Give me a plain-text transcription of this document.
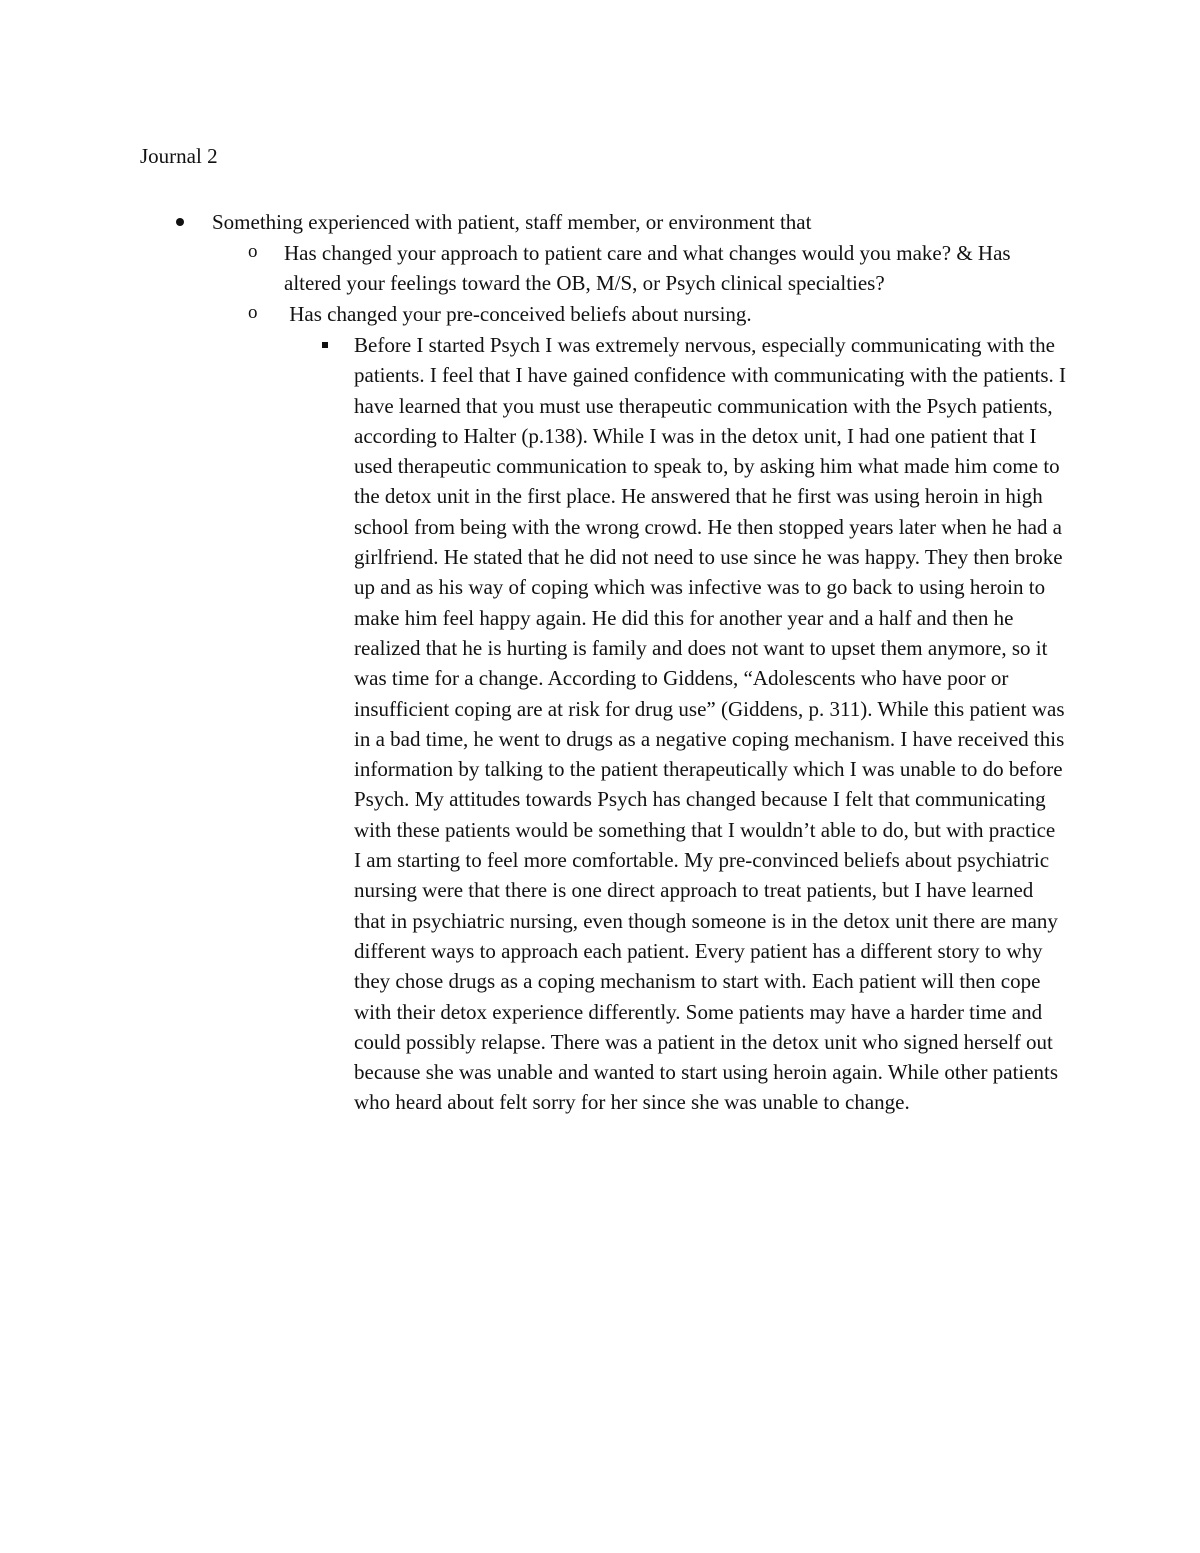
Journal 2
Something experienced with patient, staff member, or environment that
o Has changed your approach to patient care and what changes would you make? & Has altered your feelings toward the OB, M/S, or Psych clinical specialties?
o Has changed your pre-conceived beliefs about nursing.
Before I started Psych I was extremely nervous, especially communicating with the patients. I feel that I have gained confidence with communicating with the patients. I have learned that you must use therapeutic communication with the Psych patients, according to Halter (p.138). While I was in the detox unit, I had one patient that I used therapeutic communication to speak to, by asking him what made him come to the detox unit in the first place. He answered that he first was using heroin in high school from being with the wrong crowd. He then stopped years later when he had a girlfriend. He stated that he did not need to use since he was happy. They then broke up and as his way of coping which was infective was to go back to using heroin to make him feel happy again. He did this for another year and a half and then he realized that he is hurting is family and does not want to upset them anymore, so it was time for a change. According to Giddens, “Adolescents who have poor or insufficient coping are at risk for drug use” (Giddens, p. 311). While this patient was in a bad time, he went to drugs as a negative coping mechanism. I have received this information by talking to the patient therapeutically which I was unable to do before Psych. My attitudes towards Psych has changed because I felt that communicating with these patients would be something that I wouldn’t able to do, but with practice I am starting to feel more comfortable. My pre-convinced beliefs about psychiatric nursing were that there is one direct approach to treat patients, but I have learned that in psychiatric nursing, even though someone is in the detox unit there are many different ways to approach each patient. Every patient has a different story to why they chose drugs as a coping mechanism to start with. Each patient will then cope with their detox experience differently. Some patients may have a harder time and could possibly relapse. There was a patient in the detox unit who signed herself out because she was unable and wanted to start using heroin again. While other patients who heard about felt sorry for her since she was unable to change.
